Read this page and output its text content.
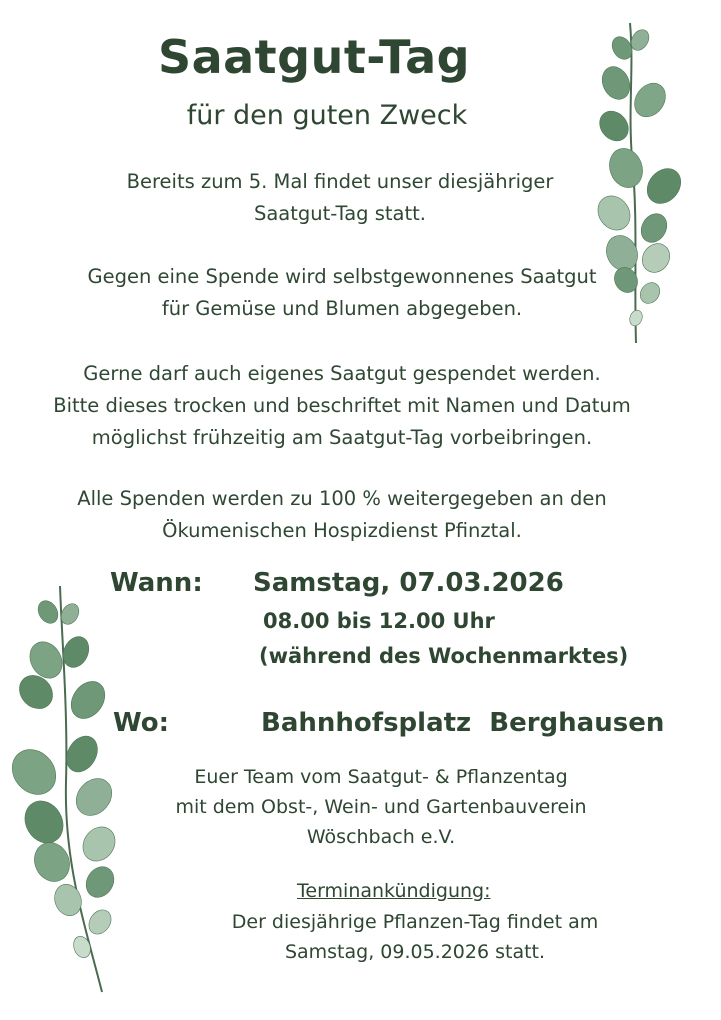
Saatgut-Tag
für den guten Zweck
Bereits zum 5. Mal findet unser diesjähriger
Saatgut-Tag statt.
Gegen eine Spende wird selbstgewonnenes Saatgut
für Gemüse und Blumen abgegeben.
Gerne darf auch eigenes Saatgut gespendet werden.
Bitte dieses trocken und beschriftet mit Namen und Datum
möglichst frühzeitig am Saatgut-Tag vorbeibringen.
Alle Spenden werden zu 100 % weitergegeben an den
Ökumenischen Hospizdienst Pfinztal.
Wann: Samstag, 07.03.2026
08.00 bis 12.00 Uhr
(während des Wochenmarktes)
Wo:	Bahnhofsplatz  Berghausen
Euer Team vom Saatgut- & Pflanzentag
mit dem Obst-, Wein- und Gartenbauverein
Wöschbach e.V.
Terminankündigung:
Der diesjährige Pflanzen-Tag findet am
Samstag, 09.05.2026 statt.
